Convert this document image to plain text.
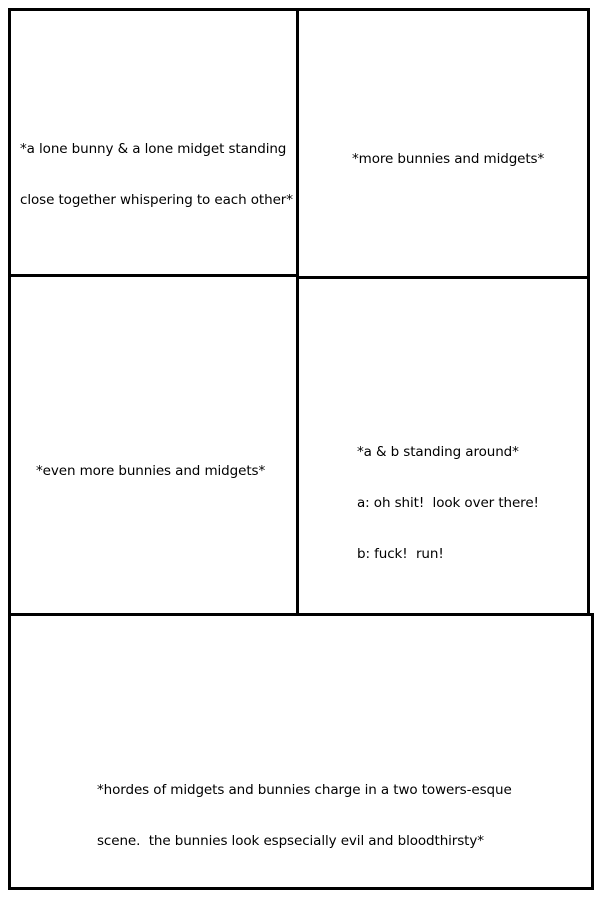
*a lone bunny & a lone midget standing

close together whispering to each other*

*more bunnies and midgets*

*even more bunnies and midgets*

*a & b standing around*

a: oh shit!  look over there!

b: fuck!  run!

*hordes of midgets and bunnies charge in a two towers-esque

scene.  the bunnies look espsecially evil and bloodthirsty*
